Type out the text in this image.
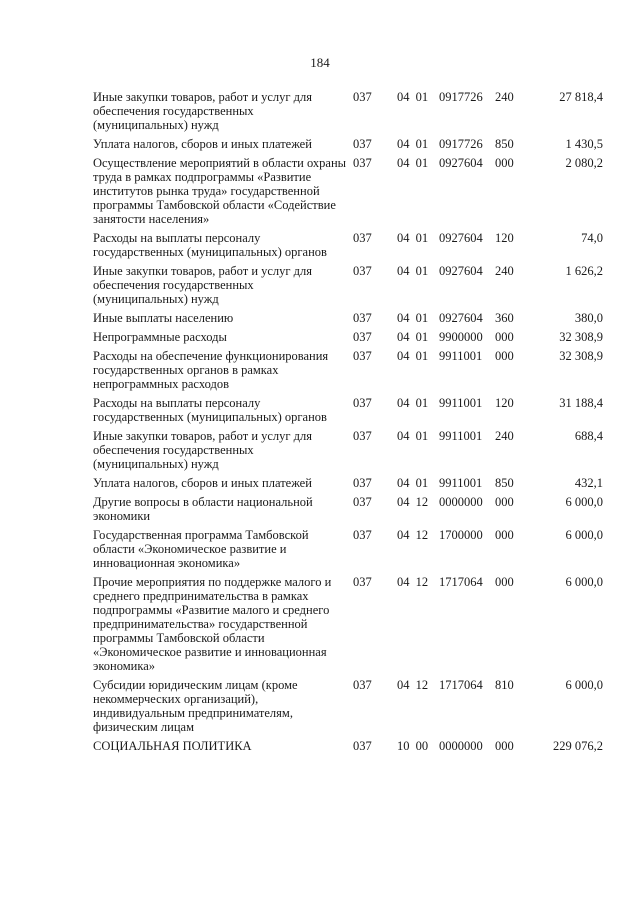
184
Иные закупки товаров, работ и услуг для обеспечения государственных (муниципальных) нужд
037	04 01 0917726 240	27 818,4
Уплата налогов, сборов и иных платежей	037	04 01 0917726 850	1 430,5
Осуществление мероприятий в области охраны труда в рамках подпрограммы «Развитие институтов рынка труда» государственной программы Тамбовской области «Содействие занятости населения»
037	04 01 0927604 000	2 080,2
Расходы на выплаты персоналу государственных (муниципальных) органов
037	04 01 0927604 120	74,0
Иные закупки товаров, работ и услуг для обеспечения государственных (муниципальных) нужд
037	04 01 0927604 240	1 626,2
Иные выплаты населению	037	04 01 0927604 360	380,0
Непрограммные расходы	037	04 01 9900000 000	32 308,9
Расходы на обеспечение функционирования государственных органов в рамках непрограммных расходов
037	04 01 9911001	000	32 308,9
Расходы на выплаты персоналу государственных (муниципальных) органов
037	04 01 9911001	120	31 188,4
Иные закупки товаров, работ и услуг для обеспечения государственных (муниципальных) нужд
037	04 01 9911001	240	688,4
Уплата налогов, сборов и иных платежей	037	04 01 9911001	850	432,1
Другие вопросы в области национальной экономики
037	04 12 0000000 000	6 000,0
Государственная программа Тамбовской области «Экономическое развитие и инновационная экономика»
037	04 12 1700000 000	6 000,0
Прочие мероприятия по поддержке малого и среднего предпринимательства в рамках подпрограммы «Развитие малого и среднего предпринимательства» государственной программы Тамбовской области «Экономическое развитие и инновационная экономика»
037	04 12 1717064 000	6 000,0
Субсидии юридическим лицам (кроме некоммерческих организаций), индивидуальным предпринимателям, физическим лицам
037	04 12 1717064 810	6 000,0
СОЦИАЛЬНАЯ ПОЛИТИКА	037	10 00 0000000 000	229 076,2
